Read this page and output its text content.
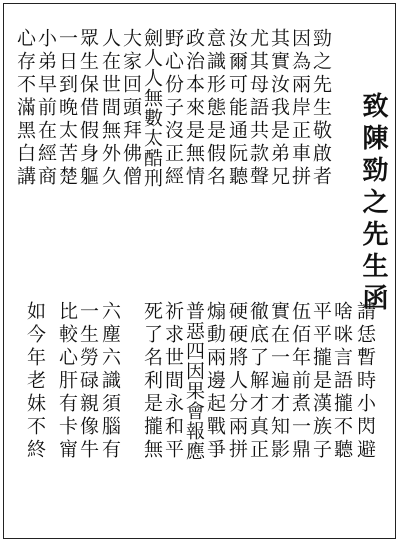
致陳勁之先生函
勁之先生敬啟者
因為兩岸正車拼
其實汝我是弟兄
尤其母語共款聲
汝爾可能通阮聽
意識形態是假名
政治本來是無情
野心份子沒正經
劍人人無數太酷刑
大家回頭拜佛僧
人在世間無外久
眾生保借假身軀
一日到晚太苦楚
小弟早前在經商
心存不滿黑白講
請恁暫時小閃避
啥咪言語攏不聽
平平攏是漢族子
伍佰年前煮一鼎
實在一遍才知影
徹底了解才真正
硬硬將人分兩拼
煽動兩邊起戰爭
普惡四因果會報應
祈求世間永和平
死了名利是攏無
六塵六識須腦有
一生勞碌親像牛
比較心肝有卡甯
如今年老妹不終
